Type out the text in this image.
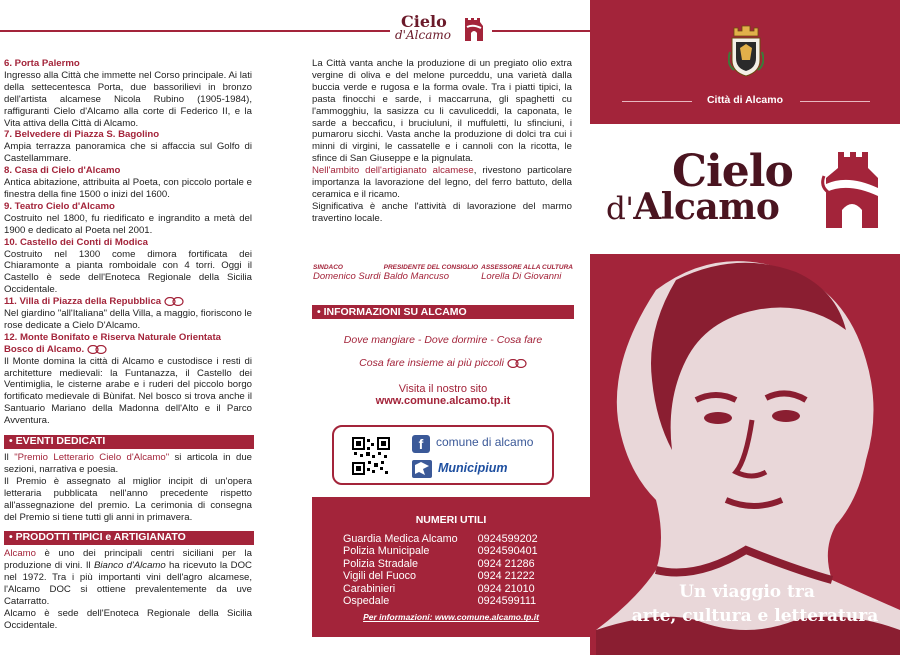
Cielo
d'Alcamo
6. Porta Palermo
Ingresso alla Città che immette nel Corso principale. Ai lati della settecentesca Porta, due bassorilievi in bronzo dell'artista alcamese Nicola Rubino (1905-1984), raffiguranti Cielo d'Alcamo alla corte di Federico II, e la Vita attiva della Città di Alcamo.
7. Belvedere di Piazza S. Bagolino
Ampia terrazza panoramica che si affaccia sul Golfo di Castellammare.
8. Casa di Cielo d'Alcamo
Antica abitazione, attribuita al Poeta, con piccolo portale e finestra della fine 1500 o inizi del 1600.
9. Teatro Cielo d'Alcamo
Costruito nel 1800, fu riedificato e ingrandito a metà del 1900 e dedicato al Poeta nel 2001.
10. Castello dei Conti di Modica
Costruito nel 1300 come dimora fortificata dei Chiaramonte a pianta romboidale con 4 torri. Oggi il Castello è sede dell'Enoteca Regionale della Sicilia Occidentale.
11. Villa di Piazza della Repubblica
Nel giardino "all'Italiana" della Villa, a maggio, fioriscono le rose dedicate a Cielo D'Alcamo.
12. Monte Bonifato e Riserva Naturale Orientata Bosco di Alcamo.
Il Monte domina la città di Alcamo e custodisce i resti di architetture medievali: la Funtanazza, il Castello dei Ventimiglia, le cisterne arabe e i ruderi del piccolo borgo fortificato medievale di Bùnifat. Nel bosco si trova anche il Santuario Mariano della Madonna dell'Alto e il Parco Avventura.
• EVENTI DEDICATI
Il "Premio Letterario Cielo d'Alcamo" si articola in due sezioni, narrativa e poesia.
Il Premio è assegnato al miglior incipit di un'opera letteraria pubblicata nell'anno precedente rispetto all'assegnazione del premio. La cerimonia di consegna del Premio si tiene tutti gli anni in primavera.
• PRODOTTI TIPICI e ARTIGIANATO
Alcamo è uno dei principali centri siciliani per la produzione di vini. Il Bianco d'Alcamo ha ricevuto la DOC nel 1972. Tra i più importanti vini dell'agro alcamese, l'Alcamo DOC si ottiene prevalentemente da uve Catarratto.
Alcamo è sede dell'Enoteca Regionale della Sicilia Occidentale.
La Città vanta anche la produzione di un pregiato olio extra vergine di oliva e del melone purceddu, una varietà dalla buccia verde e rugosa e la forma ovale. Tra i piatti tipici, la pasta finocchi e sarde, i maccarruna, gli spaghetti cu l'ammogghiu, la sasizza cu li cavuliceddi, la caponata, le sarde a beccaficu, i bruciuluni, il muffuletti, lu sfinciuni, i pumaroru sicchi. Vasta anche la produzione di dolci tra cui i minni di virgini, le cassatelle e i cannoli con la ricotta, le sfince di San Giuseppe e la pignulata.
Nell'ambito dell'artigianato alcamese, rivestono particolare importanza la lavorazione del legno, del ferro battuto, della ceramica e il ricamo.
Significativa è anche l'attività di lavorazione del marmo travertino locale.
SINDACO
Domenico Surdi
PRESIDENTE DEL CONSIGLIO
Baldo Mancuso
ASSESSORE ALLA CULTURA
Lorella Di Giovanni
• INFORMAZIONI SU ALCAMO
Dove mangiare - Dove dormire - Cosa fare
Cosa fare insieme ai più piccoli
Visita il nostro sito
www.comune.alcamo.tp.it
f	comune di alcamo
Municipium
NUMERI UTILI
Guardia Medica Alcamo	0924599202
Polizia Municipale	0924590401
Polizia Stradale	0924 21286
Vigili del Fuoco	0924 21222
Carabinieri	0924 21010
Ospedale	0924599111
Per informazioni: www.comune.alcamo.tp.it
Città di Alcamo
Cielo
d'Alcamo
Un viaggio tra
arte, cultura e letteratura
